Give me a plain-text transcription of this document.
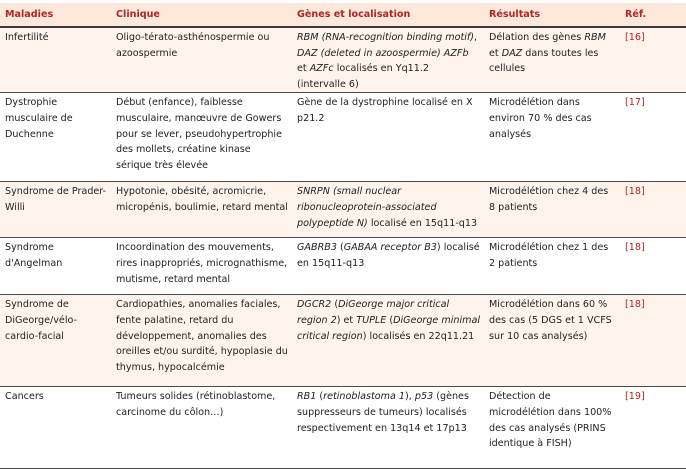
Maladies	Clinique	Gènes et localisation	Résultats	Réf.
Infertilité	Oligo-térato-asthénospermie ou azoospermie	RBM (RNA-recognition binding motif), DAZ (deleted in azoospermie) AZFb et AZFc localisés en Yq11.2 (intervalle 6)	Délation des gènes RBM et DAZ dans toutes les cellules	[16]
Dystrophie musculaire de Duchenne	Début (enfance), faiblesse musculaire, manœuvre de Gowers pour se lever, pseudohypertrophie des mollets, créatine kinase sérique très élevée	Gène de la dystrophine localisé en X p21.2	Microdélétion dans environ 70 % des cas analysés	[17]
Syndrome de Prader-Willi	Hypotonie, obésité, acromicrie, micropénis, boulimie, retard mental	SNRPN (small nuclear ribonucleoprotein-associated polypeptide N) localisé en 15q11-q13	Microdélétion chez 4 des 8 patients	[18]
Syndrome d'Angelman	Incoordination des mouvements, rires inappropriés, micrognathisme, mutisme, retard mental	GABRB3 (GABAA receptor B3) localisé en 15q11-q13	Microdélétion chez 1 des 2 patients	[18]
Syndrome de DiGeorge/vélo-cardio-facial	Cardiopathies, anomalies faciales, fente palatine, retard du développement, anomalies des oreilles et/ou surdité, hypoplasie du thymus, hypocalcémie	DGCR2 (DiGeorge major critical region 2) et TUPLE (DiGeorge minimal critical region) localisés en 22q11.21	Microdélétion dans 60 % des cas (5 DGS et 1 VCFS sur 10 cas analysés)	[18]
Cancers	Tumeurs solides (rétinoblastome, carcinome du côlon…)	RB1 (retinoblastoma 1), p53 (gènes suppresseurs de tumeurs) localisés respectivement en 13q14 et 17p13	Détection de microdélétion dans 100% des cas analysés (PRINS identique à FISH)	[19]
